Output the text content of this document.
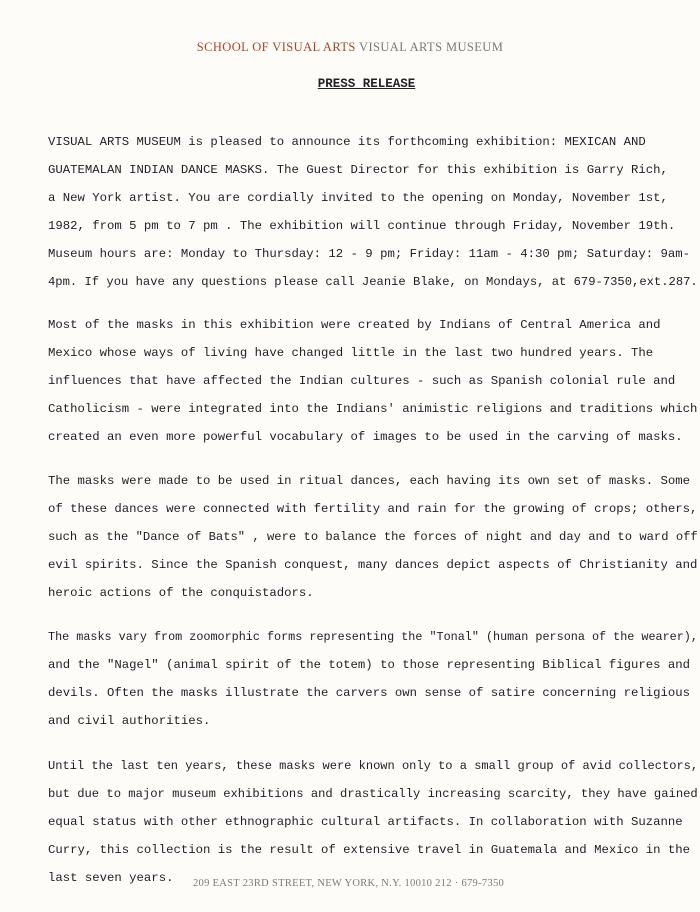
SCHOOL OF VISUAL ARTS VISUAL ARTS MUSEUM
PRESS RELEASE
VISUAL ARTS MUSEUM is pleased to announce its forthcoming exhibition: MEXICAN AND
GUATEMALAN INDIAN DANCE MASKS. The Guest Director for this exhibition is Garry Rich,
a New York artist. You are cordially invited to the opening on Monday, November 1st,
1982, from 5 pm to 7 pm . The exhibition will continue through Friday, November 19th.
Museum hours are: Monday to Thursday: 12 - 9 pm; Friday: 11am - 4:30 pm; Saturday: 9am-
4pm. If you have any questions please call Jeanie Blake, on Mondays, at 679-7350,ext.287.
Most of the masks in this exhibition were created by Indians of Central America and
Mexico whose ways of living have changed little in the last two hundred years. The
influences that have affected the Indian cultures - such as Spanish colonial rule and
Catholicism - were integrated into the Indians' animistic religions and traditions which
created an even more powerful vocabulary of images to be used in the carving of masks.
The masks were made to be used in ritual dances, each having its own set of masks. Some
of these dances were connected with fertility and rain for the growing of crops; others,
such as the "Dance of Bats" , were to balance the forces of night and day and to ward off
evil spirits. Since the Spanish conquest, many dances depict aspects of Christianity and
heroic actions of the conquistadors.
The masks vary from zoomorphic forms representing the "Tonal" (human persona of the wearer),
and the "Nagel" (animal spirit of the totem) to those representing Biblical figures and
devils. Often the masks illustrate the carvers own sense of satire concerning religious
and civil authorities.
Until the last ten years, these masks were known only to a small group of avid collectors,
but due to major museum exhibitions and drastically increasing scarcity, they have gained
equal status with other ethnographic cultural artifacts. In collaboration with Suzanne
Curry, this collection is the result of extensive travel in Guatemala and Mexico in the
last seven years.	209 EAST 23RD STREET, NEW YORK, N.Y. 10010 212 · 679-7350
